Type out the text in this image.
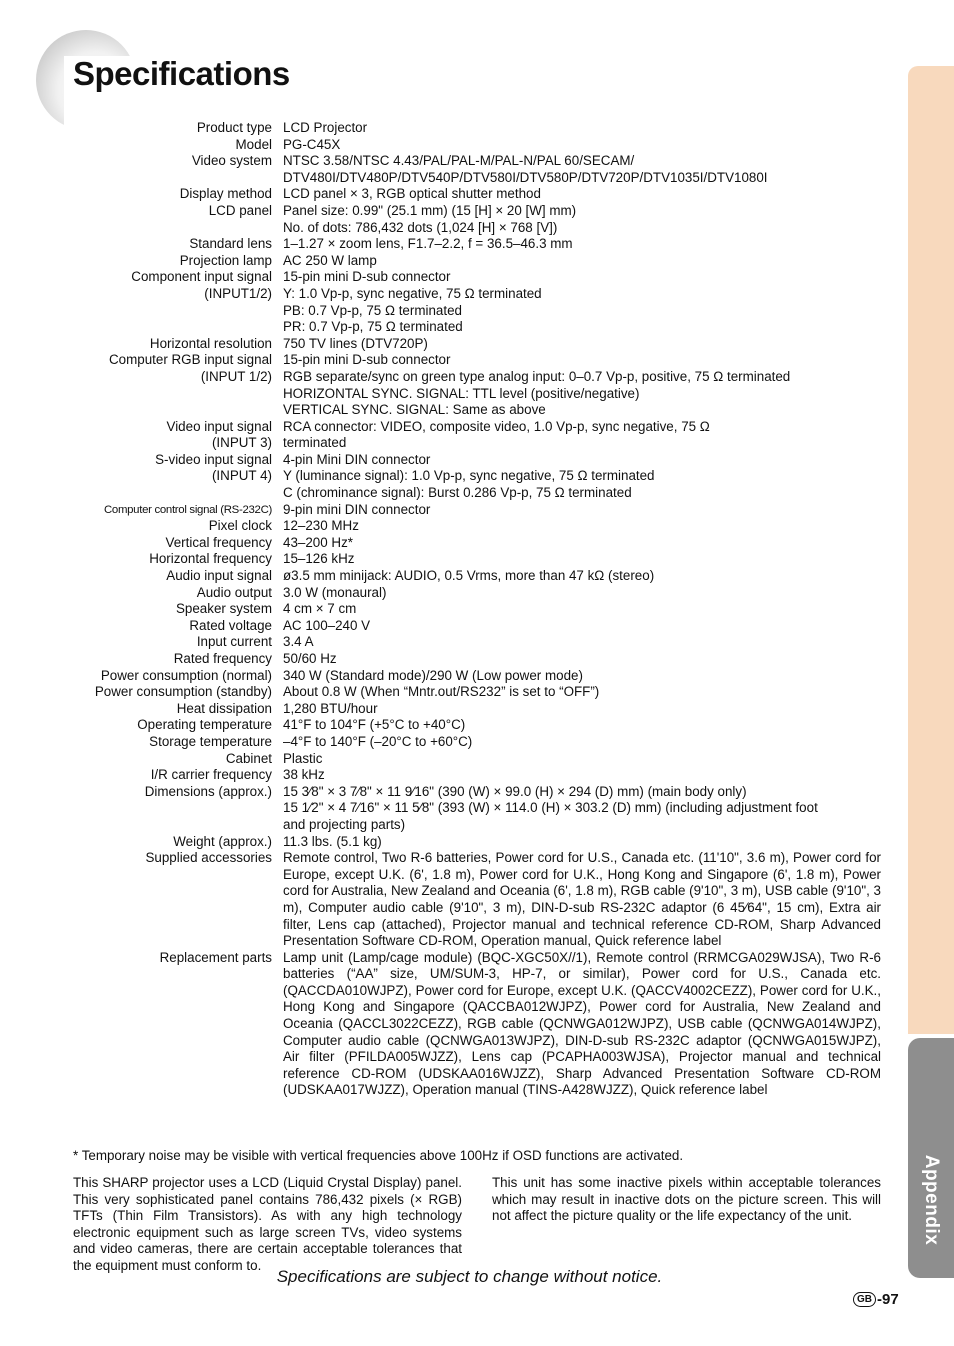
Specifications
Appendix
Product type LCD Projector
Model PG-C45X
Video system NTSC 3.58/NTSC 4.43/PAL/PAL-M/PAL-N/PAL 60/SECAM/
DTV480I/DTV480P/DTV540P/DTV580I/DTV580P/DTV720P/DTV1035I/DTV1080I
Display method LCD panel × 3, RGB optical shutter method
LCD panel Panel size: 0.99" (25.1 mm) (15 [H] × 20 [W] mm)
No. of dots: 786,432 dots (1,024 [H] × 768 [V])
Standard lens 1–1.27 × zoom lens, F1.7–2.2, f = 36.5–46.3 mm
Projection lamp AC 250 W lamp
Component input signal 15-pin mini D-sub connector
(INPUT1/2) Y: 1.0 Vp-p, sync negative, 75 Ω terminated
PB: 0.7 Vp-p, 75 Ω terminated
PR: 0.7 Vp-p, 75 Ω terminated
Horizontal resolution 750 TV lines (DTV720P)
Computer RGB input signal 15-pin mini D-sub connector
(INPUT 1/2) RGB separate/sync on green type analog input: 0–0.7 Vp-p, positive, 75 Ω terminated
HORIZONTAL SYNC. SIGNAL: TTL level (positive/negative)
VERTICAL SYNC. SIGNAL: Same as above
Video input signal RCA connector: VIDEO, composite video, 1.0 Vp-p, sync negative, 75 Ω
(INPUT 3) terminated
S-video input signal 4-pin Mini DIN connector
(INPUT 4) Y (luminance signal): 1.0 Vp-p, sync negative, 75 Ω terminated
C (chrominance signal): Burst 0.286 Vp-p, 75 Ω terminated
Computer control signal (RS-232C) 9-pin mini DIN connector
Pixel clock 12–230 MHz
Vertical frequency 43–200 Hz*
Horizontal frequency 15–126 kHz
Audio input signal ø3.5 mm minijack: AUDIO, 0.5 Vrms, more than 47 kΩ (stereo)
Audio output 3.0 W (monaural)
Speaker system 4 cm × 7 cm
Rated voltage AC 100–240 V
Input current 3.4 A
Rated frequency 50/60 Hz
Power consumption (normal) 340 W (Standard mode)/290 W (Low power mode)
Power consumption (standby) About 0.8 W (When “Mntr.out/RS232” is set to “OFF”)
Heat dissipation 1,280 BTU/hour
Operating temperature 41°F to 104°F (+5°C to +40°C)
Storage temperature –4°F to 140°F (–20°C to +60°C)
Cabinet Plastic
I/R carrier frequency 38 kHz
Dimensions (approx.) 15 3⁄8" × 3 7⁄8" × 11 9⁄16" (390 (W) × 99.0 (H) × 294 (D) mm) (main body only)
15 1⁄2" × 4 7⁄16" × 11 5⁄8" (393 (W) × 114.0 (H) × 303.2 (D) mm) (including adjustment foot
and projecting parts)
Weight (approx.) 11.3 lbs. (5.1 kg)
Supplied accessories Remote control, Two R-6 batteries, Power cord for U.S., Canada etc. (11'10", 3.6 m), Power cord for Europe, except U.K. (6', 1.8 m), Power cord for U.K., Hong Kong and Singapore (6', 1.8 m), Power cord for Australia, New Zealand and Oceania (6', 1.8 m), RGB cable (9'10", 3 m), USB cable (9'10", 3 m), Computer audio cable (9'10", 3 m), DIN-D-sub RS-232C adaptor (6 45⁄64", 15 cm), Extra air filter, Lens cap (attached), Projector manual and technical reference CD-ROM, Sharp Advanced Presentation Software CD-ROM, Operation manual, Quick reference label
Replacement parts Lamp unit (Lamp/cage module) (BQC-XGC50X//1), Remote control (RRMCGA029WJSA), Two R-6 batteries (“AA” size, UM/SUM-3, HP-7, or similar), Power cord for U.S., Canada etc. (QACCDA010WJPZ), Power cord for Europe, except U.K. (QACCV4002CEZZ), Power cord for U.K., Hong Kong and Singapore (QACCBA012WJPZ), Power cord for Australia, New Zealand and Oceania (QACCL3022CEZZ), RGB cable (QCNWGA012WJPZ), USB cable (QCNWGA014WJPZ), Computer audio cable (QCNWGA013WJPZ), DIN-D-sub RS-232C adaptor (QCNWGA015WJPZ), Air filter (PFILDA005WJZZ), Lens cap (PCAPHA003WJSA), Projector manual and technical reference CD-ROM (UDSKAA016WJZZ), Sharp Advanced Presentation Software CD-ROM (UDSKAA017WJZZ), Operation manual (TINS-A428WJZZ), Quick reference label
* Temporary noise may be visible with vertical frequencies above 100Hz if OSD functions are activated.
This SHARP projector uses a LCD (Liquid Crystal Display) panel. This very sophisticated panel contains 786,432 pixels (× RGB) TFTs (Thin Film Transistors). As with any high technology electronic equipment such as large screen TVs, video systems and video cameras, there are certain acceptable tolerances that the equipment must conform to.
This unit has some inactive pixels within acceptable tolerances which may result in inactive dots on the picture screen. This will not affect the picture quality or the life expectancy of the unit.
Specifications are subject to change without notice.
GB -97
